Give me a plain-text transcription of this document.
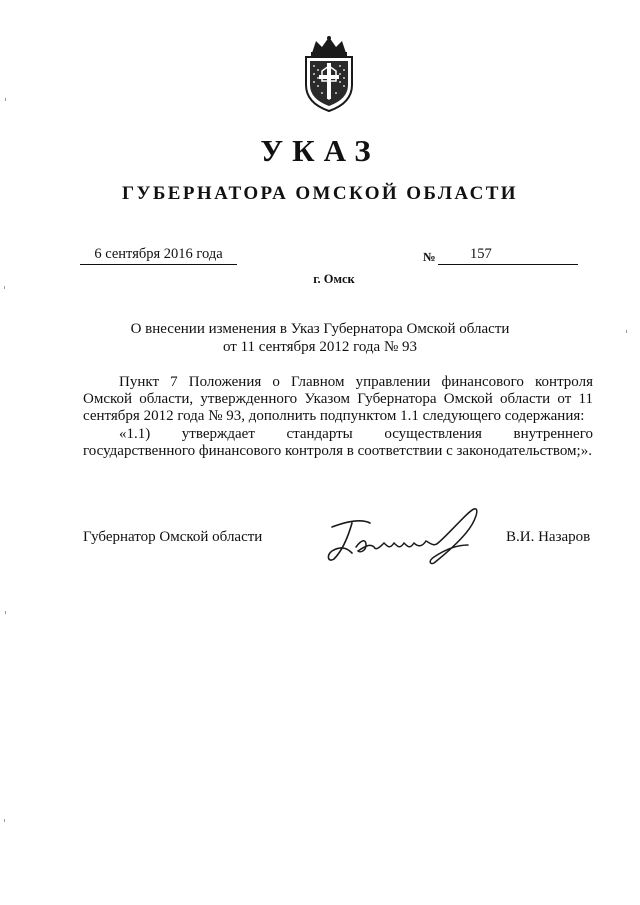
УКАЗ
ГУБЕРНАТОРА ОМСКОЙ ОБЛАСТИ
6 сентября 2016 года	№	157
г. Омск
О внесении изменения в Указ Губернатора Омской области
от 11 сентября 2012 года № 93

Пункт 7 Положения о Главном управлении финансового контроля Омской области, утвержденного Указом Губернатора Омской области от 11 сентября 2012 года № 93, дополнить подпунктом 1.1 следующего содержания:

«1.1) утверждает стандарты осуществления внутреннего государственного финансового контроля в соответствии с законодательством;».

Губернатор Омской области	В.И. Назаров
